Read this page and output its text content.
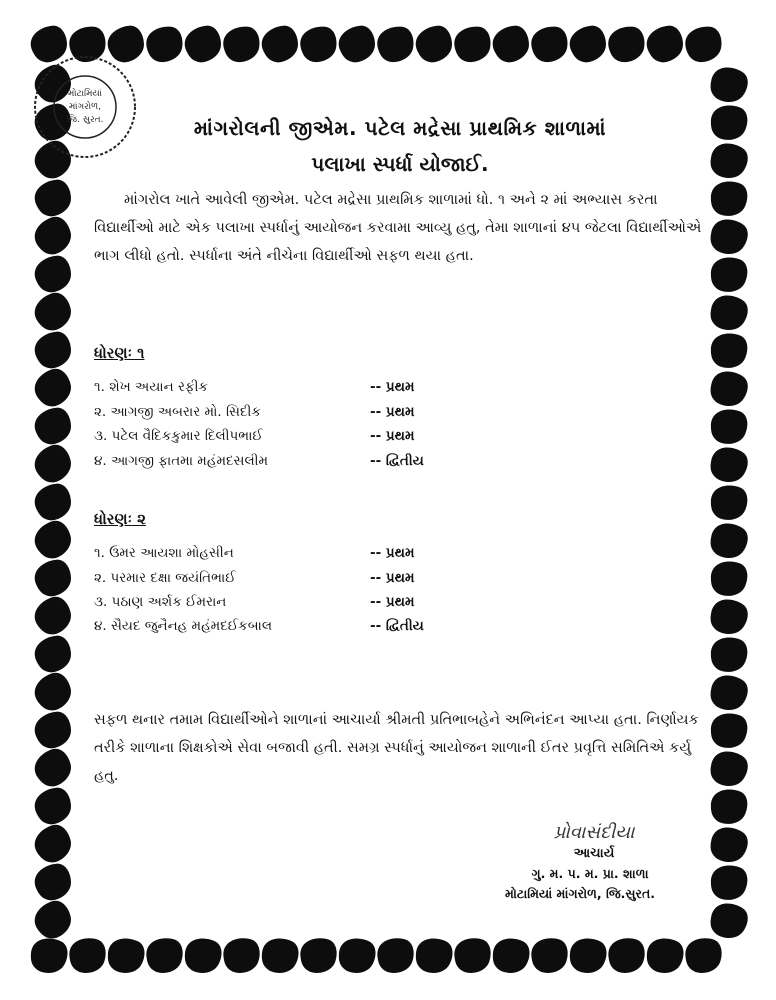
મોટામિયાં
માંગરોળ,
જિ. સુરત.	માંગરોલની જીએમ. પટેલ મદ્રેસા પ્રાથમિક શાળામાં
પલાખા સ્પર્ધા યોજાઈ.
માંગરોલ ખાતે આવેલી જીએમ. પટેલ મદ્રેસા પ્રાથમિક શાળામાં ધો. ૧ અને ૨ માં અભ્યાસ કરતા વિદ્યાર્થીઓ માટે એક પલાખા સ્પર્ધાનું આયોજન કરવામા આવ્યુ હતુ, તેમા શાળાનાં ૪૫ જેટલા વિદ્યાર્થીઓએ ભાગ લીધો હતો. સ્પર્ધાના અંતે નીચેના વિદ્યાર્થીઓ સફળ થયા હતા.
ધોરણઃ ૧
૧. શેખ અયાન રફીક	-- પ્રથમ
૨. આગજી અબરાર મો. સિદીક	-- પ્રથમ
૩. પટેલ વૈદિકકુમાર દિલીપભાઈ	-- પ્રથમ
૪. આગજી ફાતમા મહંમદસલીમ	-- દ્વિતીય
ધોરણઃ ૨
૧. ઉમર આયશા મોહસીન	-- પ્રથમ
૨. પરમાર દક્ષા જયંતિભાઈ	-- પ્રથમ
૩. પઠાણ અર્શક ઈમરાન	-- પ્રથમ
૪. સૈયદ જુનૈનહ મહંમદઈકબાલ	-- દ્વિતીય
સફળ થનાર તમામ વિદ્યાર્થીઓને શાળાનાં આચાર્યા શ્રીમતી પ્રતિભાબહેને અભિનંદન આપ્યા હતા. નિર્ણાયક તરીકે શાળાના શિક્ષકોએ સેવા બજાવી હતી. સમગ્ર સ્પર્ધાનું આયોજન શાળાની ઈતર પ્રવૃત્તિ સમિતિએ કર્યુ હતુ.
પ્રોવાસંદીયા
આચાર્ય
ગુ. મ. પ. મ. પ્રા. શાળા
મોટામિયાં માંગરોળ, જિ.સુરત.
